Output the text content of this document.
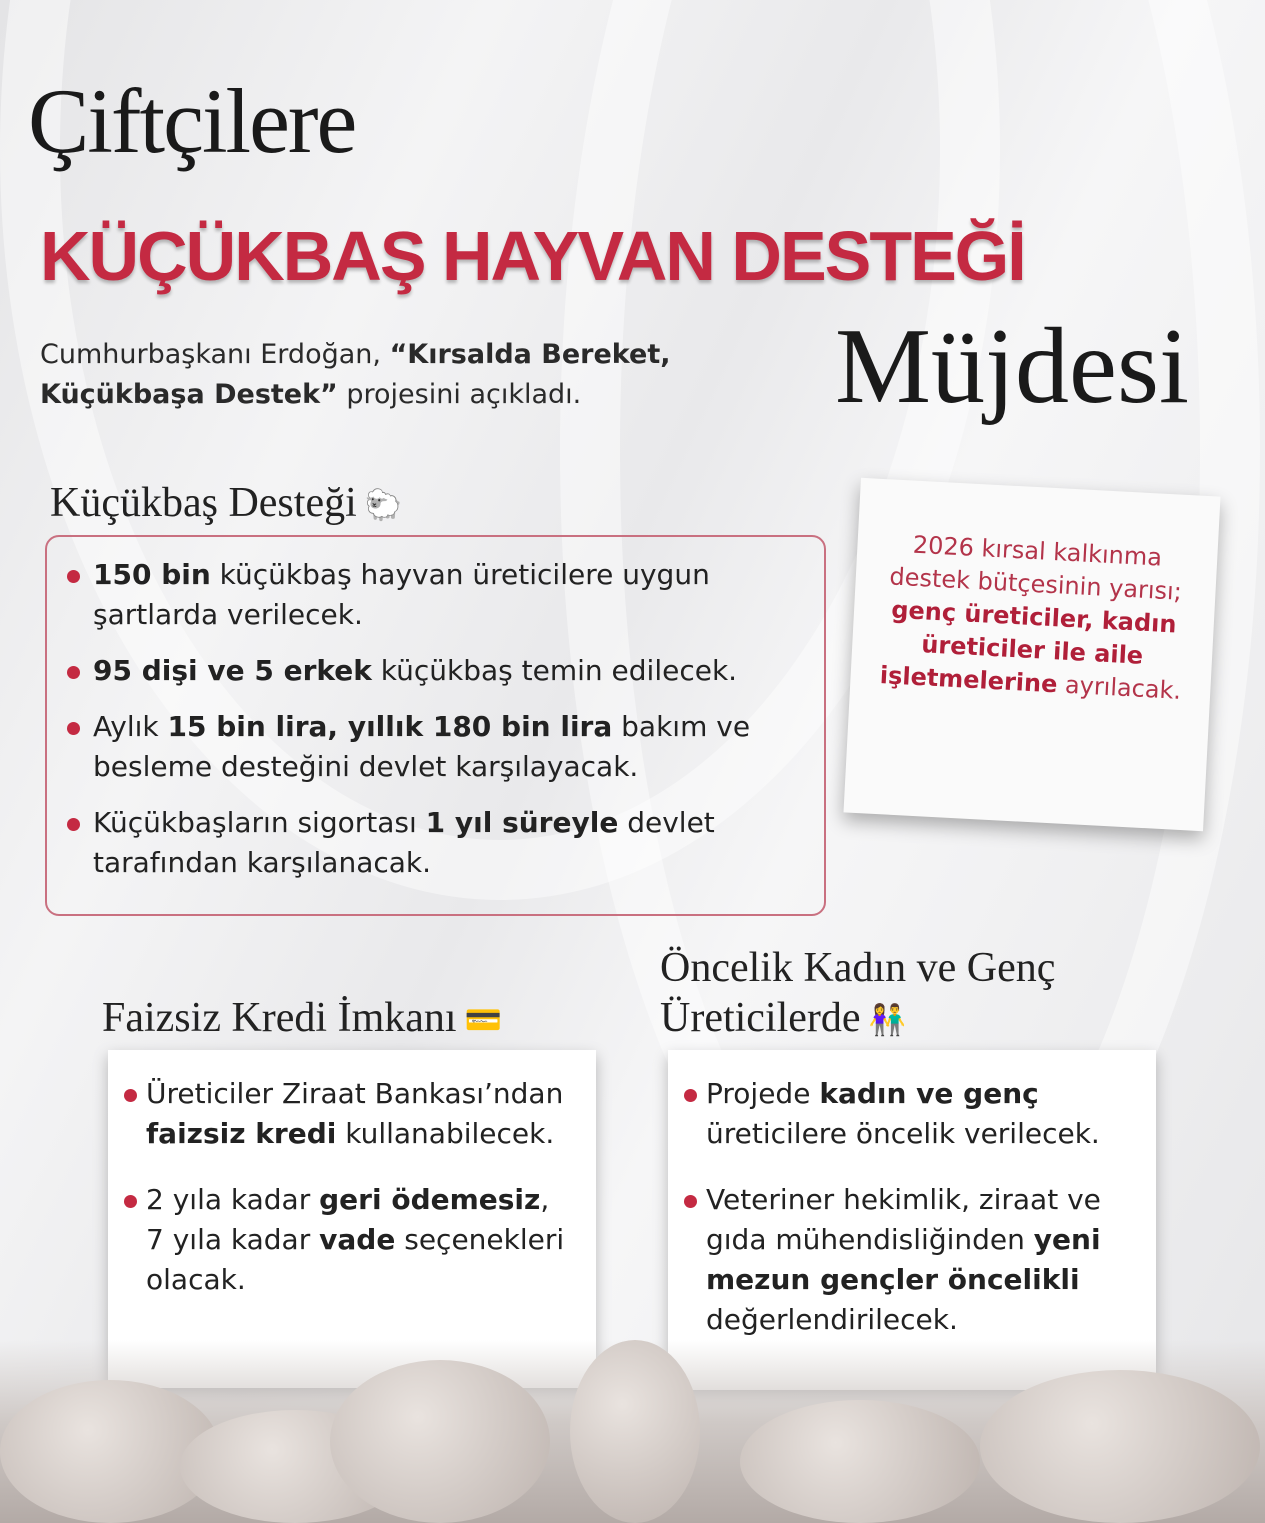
Çiftçilere
KÜÇÜKBAŞ HAYVAN DESTEĞİ
Müjdesi
Cumhurbaşkanı Erdoğan, “Kırsalda Bereket, Küçükbaşa Destek” projesini açıkladı.
Küçükbaş Desteği 🐑
150 bin küçükbaş hayvan üreticilere uygun şartlarda verilecek.
95 dişi ve 5 erkek küçükbaş temin edilecek.
Aylık 15 bin lira, yıllık 180 bin lira bakım ve besleme desteğini devlet karşılayacak.
Küçükbaşların sigortası 1 yıl süreyle devlet tarafından karşılanacak.
2026 kırsal kalkınma destek bütçesinin yarısı; genç üreticiler, kadın üreticiler ile aile işletmelerine ayrılacak.
Faizsiz Kredi İmkanı 💳
Üreticiler Ziraat Bankası’ndan faizsiz kredi kullanabilecek.
2 yıla kadar geri ödemesiz, 7 yıla kadar vade seçenekleri olacak.
Öncelik Kadın ve Genç Üreticilerde 👫
Projede kadın ve genç üreticilere öncelik verilecek.
Veteriner hekimlik, ziraat ve gıda mühendisliğinden yeni mezun gençler öncelikli değerlendirilecek.
